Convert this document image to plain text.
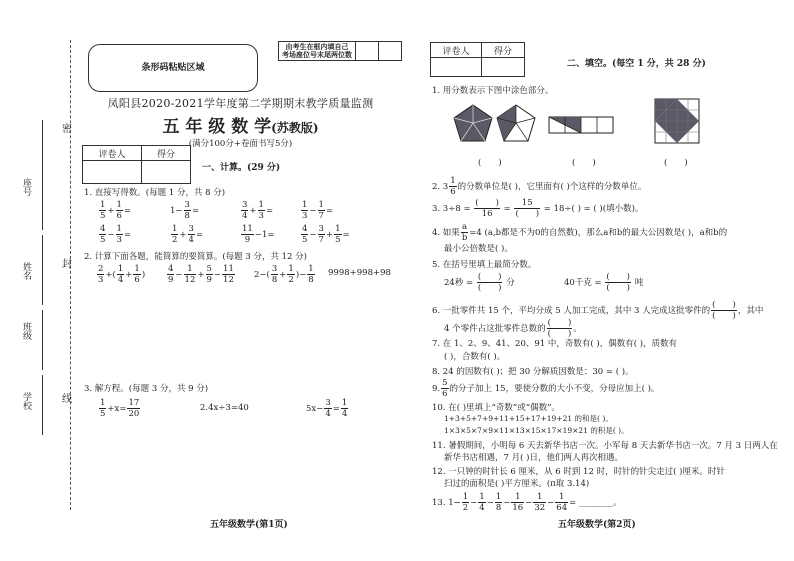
密
封
线
座号
姓名
班级
学校
条形码粘贴区域
由考生在框内填自己
考场座位号末尾两位数

凤阳县2020-2021学年度第二学期期末教学质量监测
五 年 级 数 学(苏教版)
(满分100分+卷面书写5分)
评卷人	得分

一、计算。(29 分)
1. 直接写得数。(每题 1 分，共 8 分)
$\frac{1}{5} + \frac{1}{6}$ =	$1- \frac{3}{8}$ =	$\frac{3}{4} + \frac{1}{3}$ =	$\frac{1}{3} - \frac{1}{7}$ =
$\frac{4}{5} - \frac{1}{3}$ =	$\frac{1}{2} + \frac{3}{4}$ =	$\frac{11}{9} -1=$	$\frac{4}{5} - \frac{3}{7} + \frac{1}{5}$ =
2. 计算下面各题，能简算的要简算。(每题 3 分，共 12 分)
$\frac{2}{3}$ +( $\frac{1}{4} + \frac{1}{6}$ )	$\frac{4}{9} - \frac{1}{12} + \frac{5}{9} - \frac{11}{12} 2-( \frac{3}{8} + \frac{1}{2}$ )− $\frac{1}{8} 9998+998+98$
3. 解方程。(每题 3 分，共 9 分)
$\frac{1}{5} +x= \frac{17}{20}$	2.4x÷3=40	$5x- \frac{3}{4} = \frac{1}{4}$
五年级数学(第1页)
评卷人	得分

二、填空。(每空 1 分，共 28 分)
1. 用分数表示下图中涂色部分。
(　　)	(　　)	(　　)
2. $3 \frac{1}{6}$ 的分数单位是( )，它里面有( )个这样的分数单位。
3. $3\div 8 = \frac{( )}{16} = \frac{15}{( )} = 18\div$( ) = ( )(填小数)。
4. 如果 $\frac{a}{b} =4$ (a,b都是不为0的自然数)，那么a和b的最大公因数是( )，a和b的
最小公倍数是( )。
5. 在括号里填上最简分数。
24秒 = $\frac{( )}{( )}$ 分	40千克 = $\frac{( )}{( )}$ 吨
6. 一批零件共 15 个，平均分成 5 人加工完成，其中 3 人完成这批零件的 $\frac{( )}{( )}$ ，其中
4 个零件占这批零件总数的 $\frac{( )}{( )}$ 。
7. 在 1、2、9、41、20、91 中，奇数有( )，偶数有( )，质数有
( )，合数有( )。
8. 24 的因数有( )；把 30 分解质因数是：30 = ( )。
9. $\frac{5}{6}$ 的分子加上 15，要使分数的大小不变，分母应加上( )。
10. 在( )里填上“奇数”或“偶数”。
1+3+5+7+9+11+15+17+19+21 的和是( )。
1×3×5×7×9×11×13×15×17×19×21 的积是( )。
11. 暑假期间，小明每 6 天去新华书店一次。小军每 8 天去新华书店一次。7 月 3 日两人在
新华书店相遇，7 月( )日，他们两人再次相遇。
12. 一只钟的时针长 6 厘米，从 6 时到 12 时，时针的针尖走过( )厘米。时针
扫过的面积是( )平方厘米。(π取 3.14)
13. $1- \frac{1}{2} - \frac{1}{4} - \frac{1}{8} - \frac{1}{16} - \frac{1}{32} - \frac{1}{64}$ = ________。
五年级数学(第2页)
